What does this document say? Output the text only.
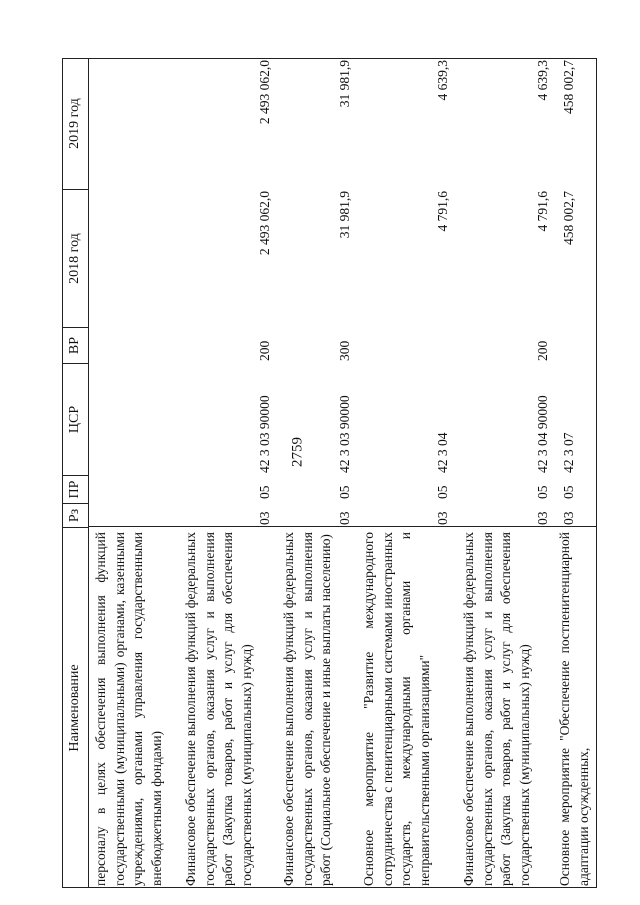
2759
Наименование
Рз
ПР
ЦСР
ВР
2018 год
2019 год
персоналу в целях обеспечения выполнения функций государственными (муниципальными) органами, казенными учреждениями, органами управления государственными внебюджетными фондами) Финансовое обеспечение выполнения функций федеральных государственных органов, оказания услуг и выполнения работ (Закупка товаров, работ и услуг для обеспечения государственных (муниципальных) нужд)
03
05
42 3 03 90000
200
2 493 062,0
2 493 062,0
Финансовое обеспечение выполнения функций федеральных государственных органов, оказания услуг и выполнения работ (Социальное обеспечение и иные выплаты населению)
03
05
42 3 03 90000
300
31 981,9
31 981,9
Основное мероприятие "Развитие международного сотрудничества с пенитенциарными системами иностранных государств, международными органами и неправительственными организациями"
03
05
42 3 04
4 791,6
4 639,3
Финансовое обеспечение выполнения функций федеральных государственных органов, оказания услуг и выполнения работ (Закупка товаров, работ и услуг для обеспечения государственных (муниципальных) нужд)
03
05
42 3 04 90000
200
4 791,6
4 639,3
Основное мероприятие "Обеспечение постпенитенциарной адаптации осужденных,
03
05
42 3 07
458 002,7
458 002,7
